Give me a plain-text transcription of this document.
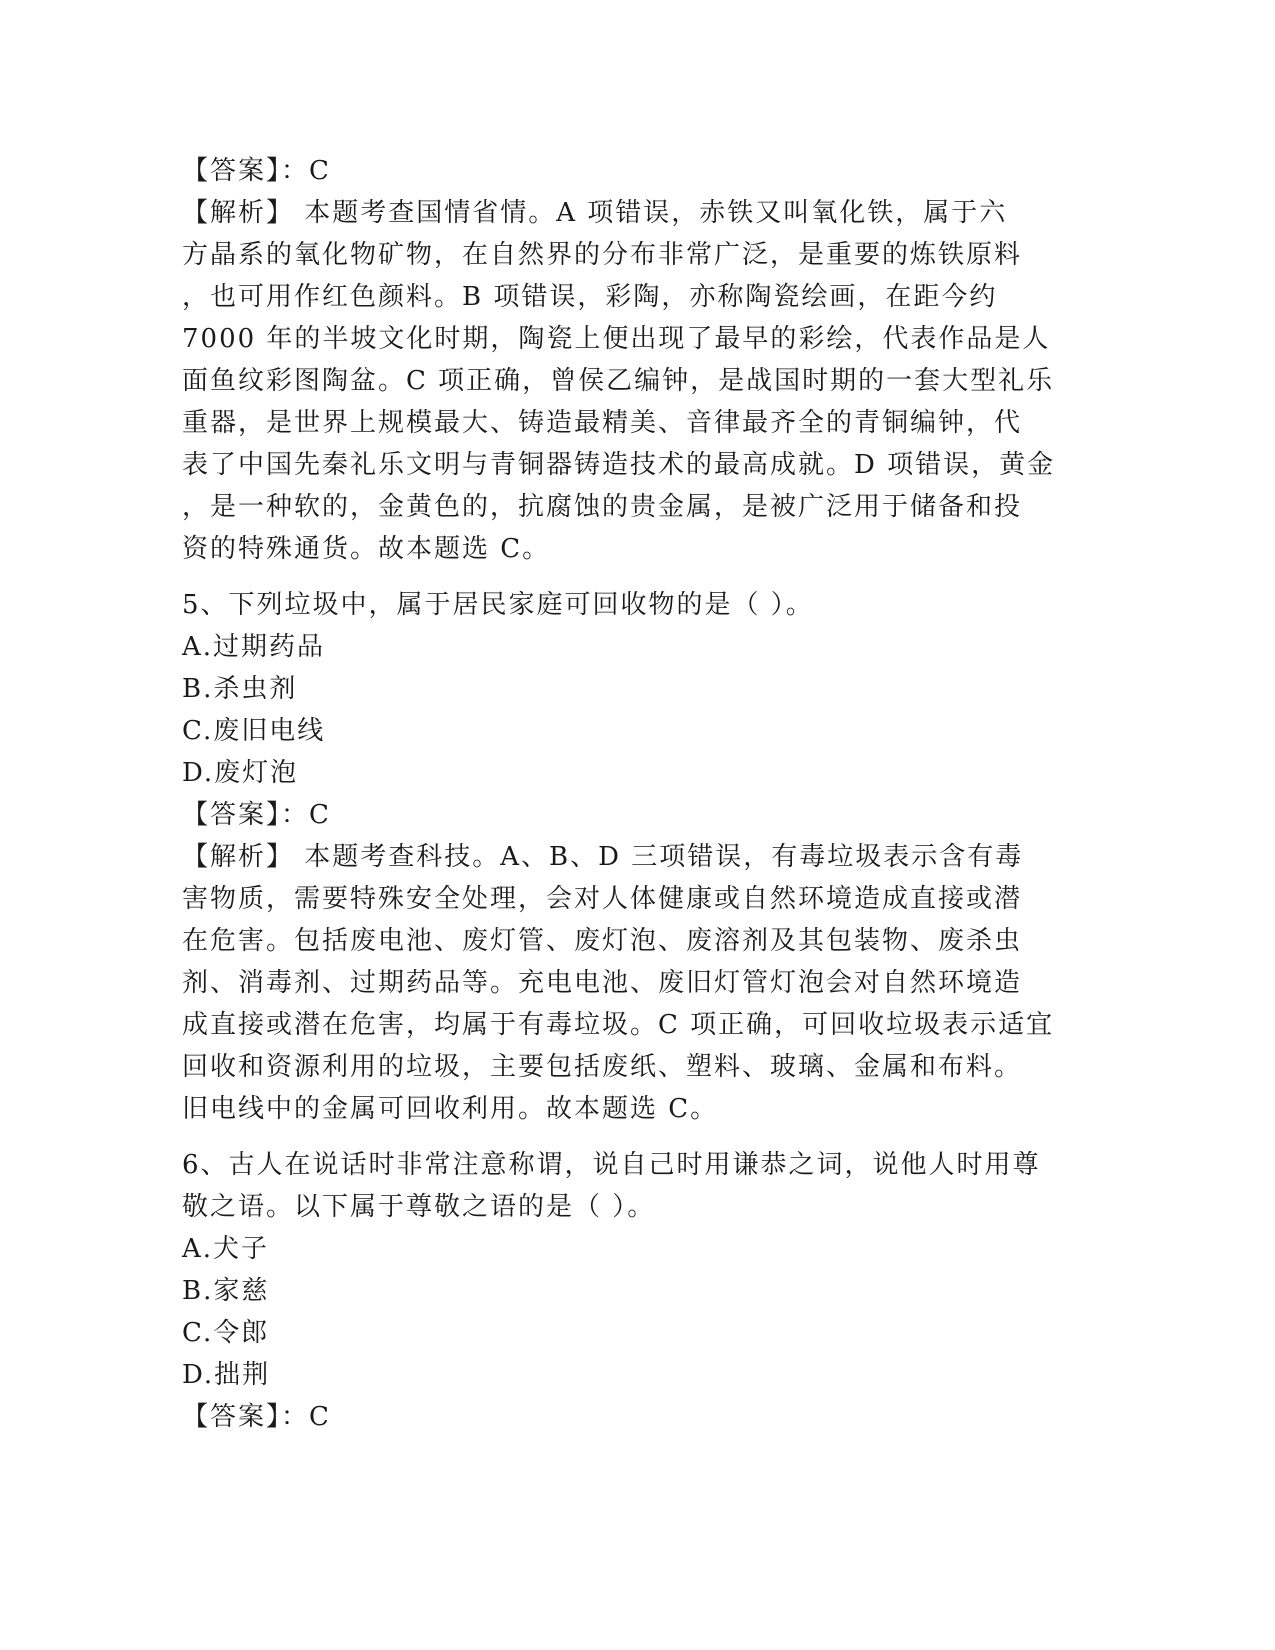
【答案】：C
【解析】 本题考查国情省情。A 项错误，赤铁又叫氧化铁，属于六
方晶系的氧化物矿物，在自然界的分布非常广泛，是重要的炼铁原料
，也可用作红色颜料。B 项错误，彩陶，亦称陶瓷绘画，在距今约
7000 年的半坡文化时期，陶瓷上便出现了最早的彩绘，代表作品是人
面鱼纹彩图陶盆。C 项正确，曾侯乙编钟，是战国时期的一套大型礼乐
重器，是世界上规模最大、铸造最精美、音律最齐全的青铜编钟，代
表了中国先秦礼乐文明与青铜器铸造技术的最高成就。D 项错误，黄金
，是一种软的，金黄色的，抗腐蚀的贵金属，是被广泛用于储备和投
资的特殊通货。故本题选 C。
5、下列垃圾中，属于居民家庭可回收物的是（ ）。
A.过期药品
B.杀虫剂
C.废旧电线
D.废灯泡
【答案】：C
【解析】 本题考查科技。A、B、D 三项错误，有毒垃圾表示含有毒
害物质，需要特殊安全处理，会对人体健康或自然环境造成直接或潜
在危害。包括废电池、废灯管、废灯泡、废溶剂及其包装物、废杀虫
剂、消毒剂、过期药品等。充电电池、废旧灯管灯泡会对自然环境造
成直接或潜在危害，均属于有毒垃圾。C 项正确，可回收垃圾表示适宜
回收和资源利用的垃圾，主要包括废纸、塑料、玻璃、金属和布料。
旧电线中的金属可回收利用。故本题选 C。
6、古人在说话时非常注意称谓，说自己时用谦恭之词，说他人时用尊
敬之语。以下属于尊敬之语的是（ ）。
A.犬子
B.家慈
C.令郎
D.拙荆
【答案】：C
